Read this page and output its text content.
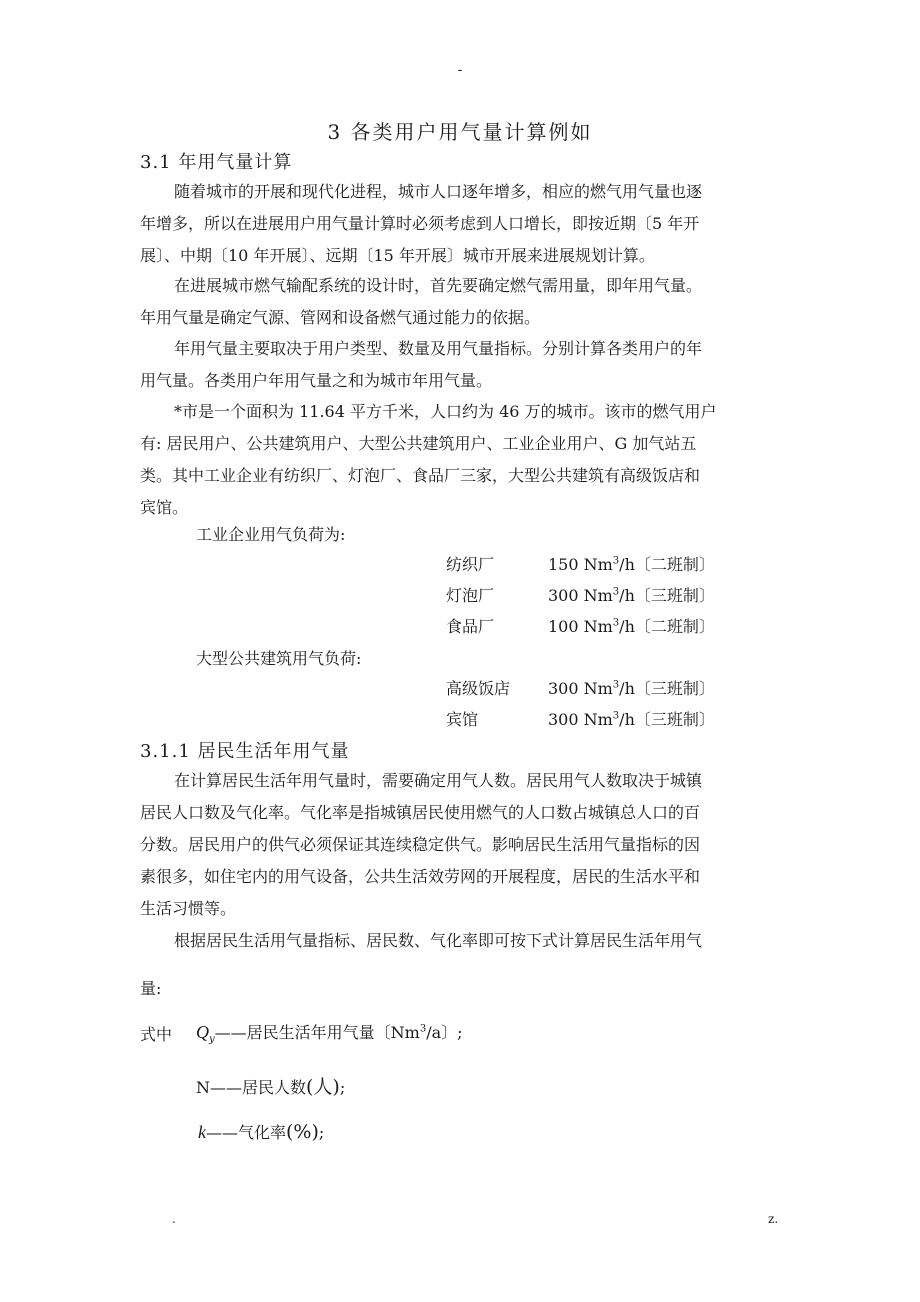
-
3 各类用户用气量计算例如
3.1 年用气量计算
随着城市的开展和现代化进程，城市人口逐年增多，相应的燃气用气量也逐
年增多，所以在进展用户用气量计算时必须考虑到人口增长，即按近期〔5 年开
展〕、中期〔10 年开展〕、远期〔15 年开展〕城市开展来进展规划计算。
在进展城市燃气输配系统的设计时，首先要确定燃气需用量，即年用气量。
年用气量是确定气源、管网和设备燃气通过能力的依据。
年用气量主要取决于用户类型、数量及用气量指标。分别计算各类用户的年
用气量。各类用户年用气量之和为城市年用气量。
*市是一个面积为 11.64 平方千米，人口约为 46 万的城市。该市的燃气用户
有: 居民用户、公共建筑用户、大型公共建筑用户、工业企业用户、G 加气站五
类。其中工业企业有纺织厂、灯泡厂、食品厂三家，大型公共建筑有高级饭店和
宾馆。
工业企业用气负荷为:
纺织厂	150 Nm$^3$/h〔二班制〕
灯泡厂	300 Nm$^3$/h〔三班制〕
食品厂	100 Nm$^3$/h〔二班制〕
大型公共建筑用气负荷:
高级饭店 300 Nm$^3$/h〔三班制〕
宾馆	300 Nm$^3$/h〔三班制〕
3.1.1 居民生活年用气量
在计算居民生活年用气量时，需要确定用气人数。居民用气人数取决于城镇
居民人口数及气化率。气化率是指城镇居民使用燃气的人口数占城镇总人口的百
分数。居民用户的供气必须保证其连续稳定供气。影响居民生活用气量指标的因
素很多，如住宅内的用气设备，公共生活效劳网的开展程度，居民的生活水平和
生活习惯等。
根据居民生活用气量指标、居民数、气化率即可按下式计算居民生活年用气
量:
式中 $Q_y——$居民生活年用气量〔Nm$^3$/a〕;
N——居民人数(人);
k——气化率(%);
.	z.
